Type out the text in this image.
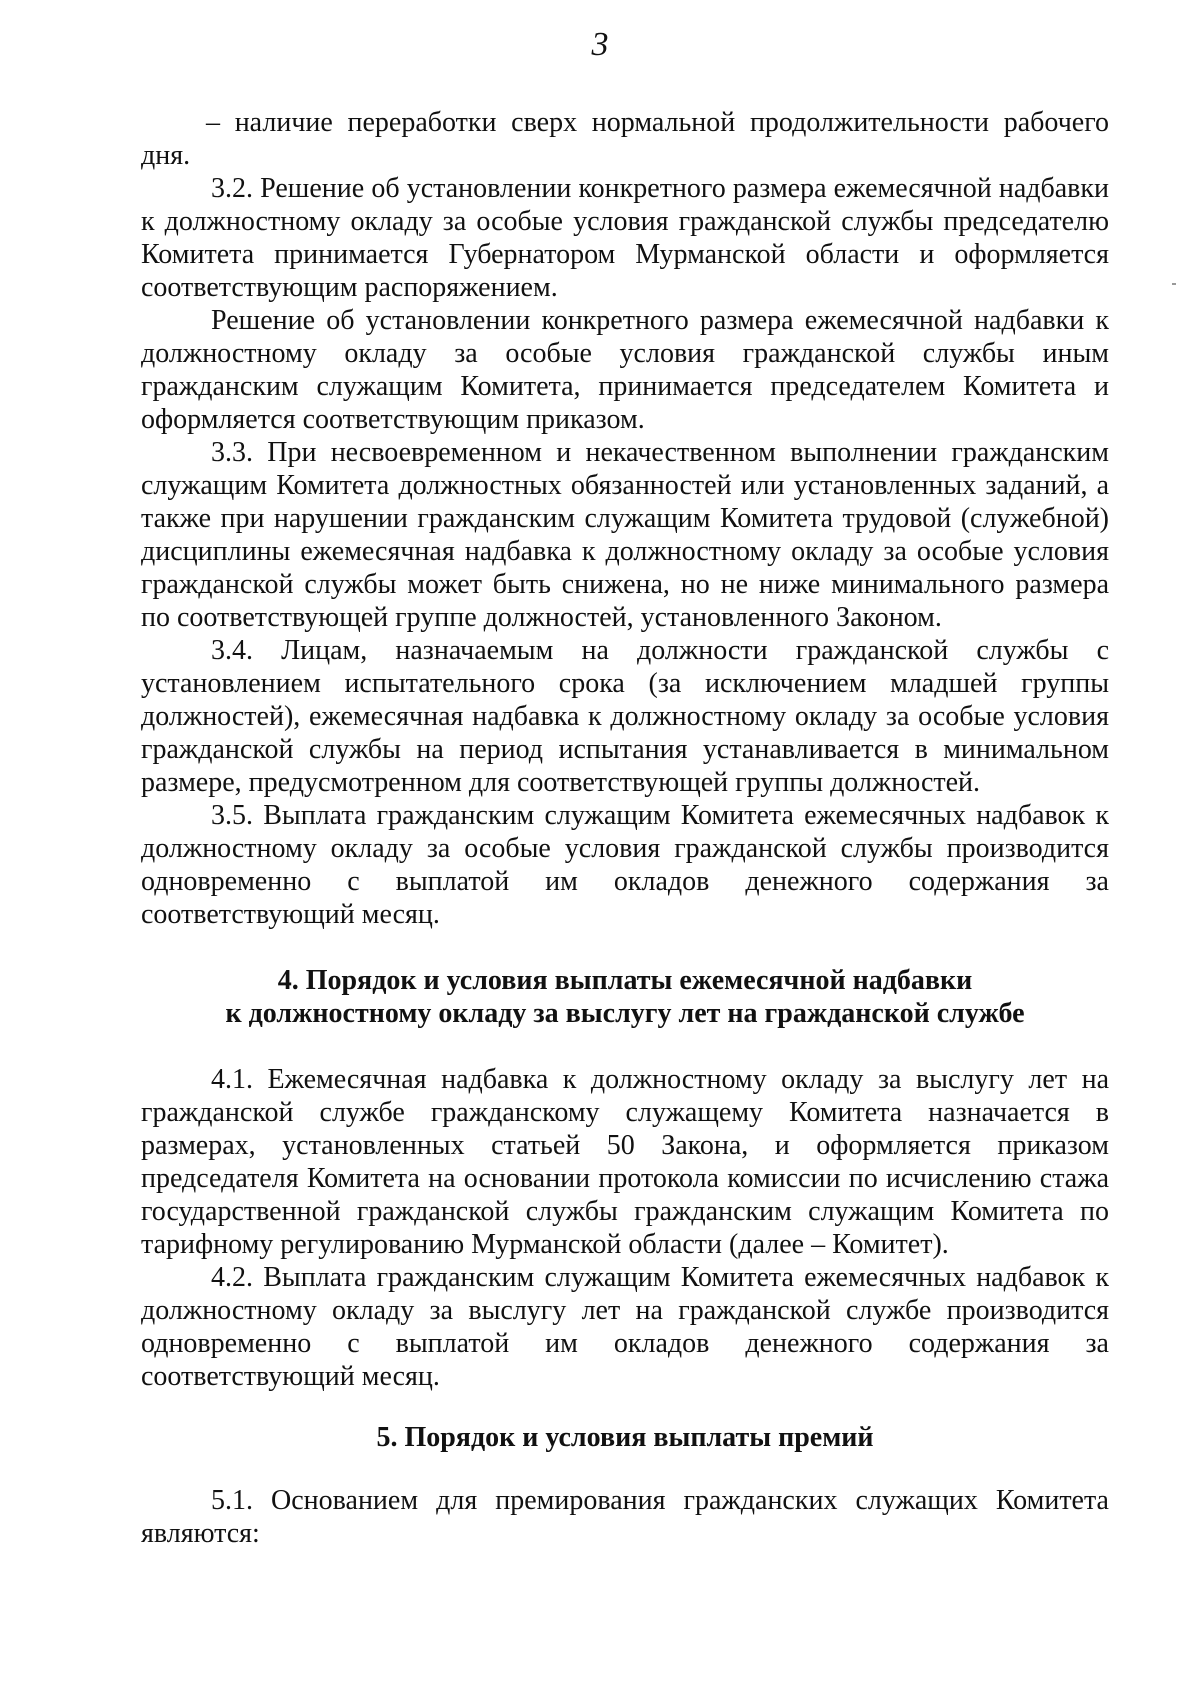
3

– наличие переработки сверх нормальной продолжительности рабочего дня.

3.2. Решение об установлении конкретного размера ежемесячной надбавки к должностному окладу за особые условия гражданской службы председателю Комитета принимается Губернатором Мурманской области и оформляется соответствующим распоряжением.

Решение об установлении конкретного размера ежемесячной надбавки к должностному окладу за особые условия гражданской службы иным гражданским служащим Комитета, принимается председателем Комитета и оформляется соответствующим приказом.

3.3. При несвоевременном и некачественном выполнении гражданским служащим Комитета должностных обязанностей или установленных заданий, а также при нарушении гражданским служащим Комитета трудовой (служебной) дисциплины ежемесячная надбавка к должностному окладу за особые условия гражданской службы может быть снижена, но не ниже минимального размера по соответствующей группе должностей, установленного Законом.

3.4. Лицам, назначаемым на должности гражданской службы с установлением испытательного срока (за исключением младшей группы должностей), ежемесячная надбавка к должностному окладу за особые условия гражданской службы на период испытания устанавливается в минимальном размере, предусмотренном для соответствующей группы должностей.

3.5. Выплата гражданским служащим Комитета ежемесячных надбавок к должностному окладу за особые условия гражданской службы производится одновременно с выплатой им окладов денежного содержания за соответствующий месяц.

4. Порядок и условия выплаты ежемесячной надбавки
к должностному окладу за выслугу лет на гражданской службе

4.1. Ежемесячная надбавка к должностному окладу за выслугу лет на гражданской службе гражданскому служащему Комитета назначается в размерах, установленных статьей 50 Закона, и оформляется приказом председателя Комитета на основании протокола комиссии по исчислению стажа государственной гражданской службы гражданским служащим Комитета по тарифному регулированию Мурманской области (далее – Комитет).

4.2. Выплата гражданским служащим Комитета ежемесячных надбавок к должностному окладу за выслугу лет на гражданской службе производится одновременно с выплатой им окладов денежного содержания за соответствующий месяц.

5. Порядок и условия выплаты премий

5.1. Основанием для премирования гражданских служащих Комитета являются:
